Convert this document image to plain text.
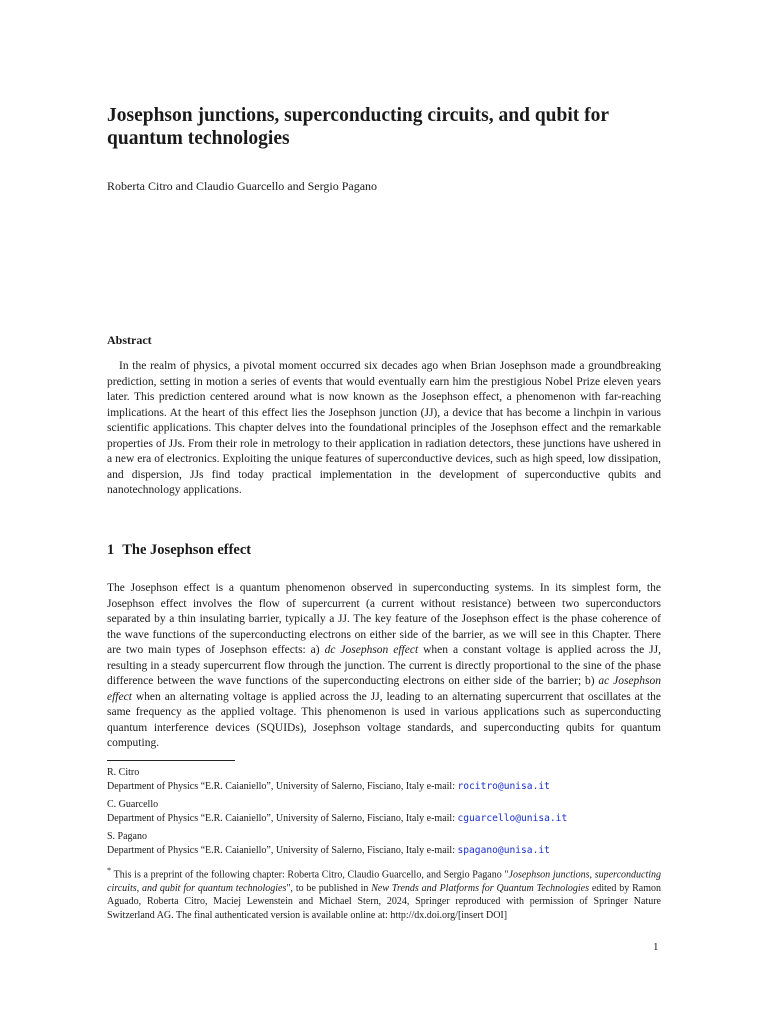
Josephson junctions, superconducting circuits, and qubit for quantum technologies

Roberta Citro and Claudio Guarcello and Sergio Pagano

Abstract

In the realm of physics, a pivotal moment occurred six decades ago when Brian Josephson made a groundbreaking prediction, setting in motion a series of events that would eventually earn him the prestigious Nobel Prize eleven years later. This prediction centered around what is now known as the Josephson effect, a phenomenon with far-reaching implications. At the heart of this effect lies the Josephson junction (JJ), a device that has become a linchpin in various scientific applications. This chapter delves into the foundational principles of the Josephson effect and the remarkable properties of JJs. From their role in metrology to their application in radiation detectors, these junctions have ushered in a new era of electronics. Exploiting the unique features of superconductive devices, such as high speed, low dissipation, and dispersion, JJs find today practical implementation in the development of superconductive qubits and nanotechnology applications.

1 The Josephson effect

The Josephson effect is a quantum phenomenon observed in superconducting systems. In its simplest form, the Josephson effect involves the flow of supercurrent (a current without resistance) between two superconductors separated by a thin insulating barrier, typically a JJ. The key feature of the Josephson effect is the phase coherence of the wave functions of the superconducting electrons on either side of the barrier, as we will see in this Chapter. There are two main types of Josephson effects: a) dc Josephson effect when a constant voltage is applied across the JJ, resulting in a steady supercurrent flow through the junction. The current is directly proportional to the sine of the phase difference between the wave functions of the superconducting electrons on either side of the barrier; b) ac Josephson effect when an alternating voltage is applied across the JJ, leading to an alternating supercurrent that oscillates at the same frequency as the applied voltage. This phenomenon is used in various applications such as superconducting quantum interference devices (SQUIDs), Josephson voltage standards, and superconducting qubits for quantum computing.

R. Citro
Department of Physics “E.R. Caianiello”, University of Salerno, Fisciano, Italy e-mail: rocitro@unisa.it
C. Guarcello
Department of Physics “E.R. Caianiello”, University of Salerno, Fisciano, Italy e-mail: cguarcello@unisa.it
S. Pagano
Department of Physics “E.R. Caianiello”, University of Salerno, Fisciano, Italy e-mail: spagano@unisa.it

* This is a preprint of the following chapter: Roberta Citro, Claudio Guarcello, and Sergio Pagano "Josephson junctions, superconducting circuits, and qubit for quantum technologies", to be published in New Trends and Platforms for Quantum Technologies edited by Ramon Aguado, Roberta Citro, Maciej Lewenstein and Michael Stern, 2024, Springer reproduced with permission of Springer Nature Switzerland AG. The final authenticated version is available online at: http://dx.doi.org/[insert DOI]

1
